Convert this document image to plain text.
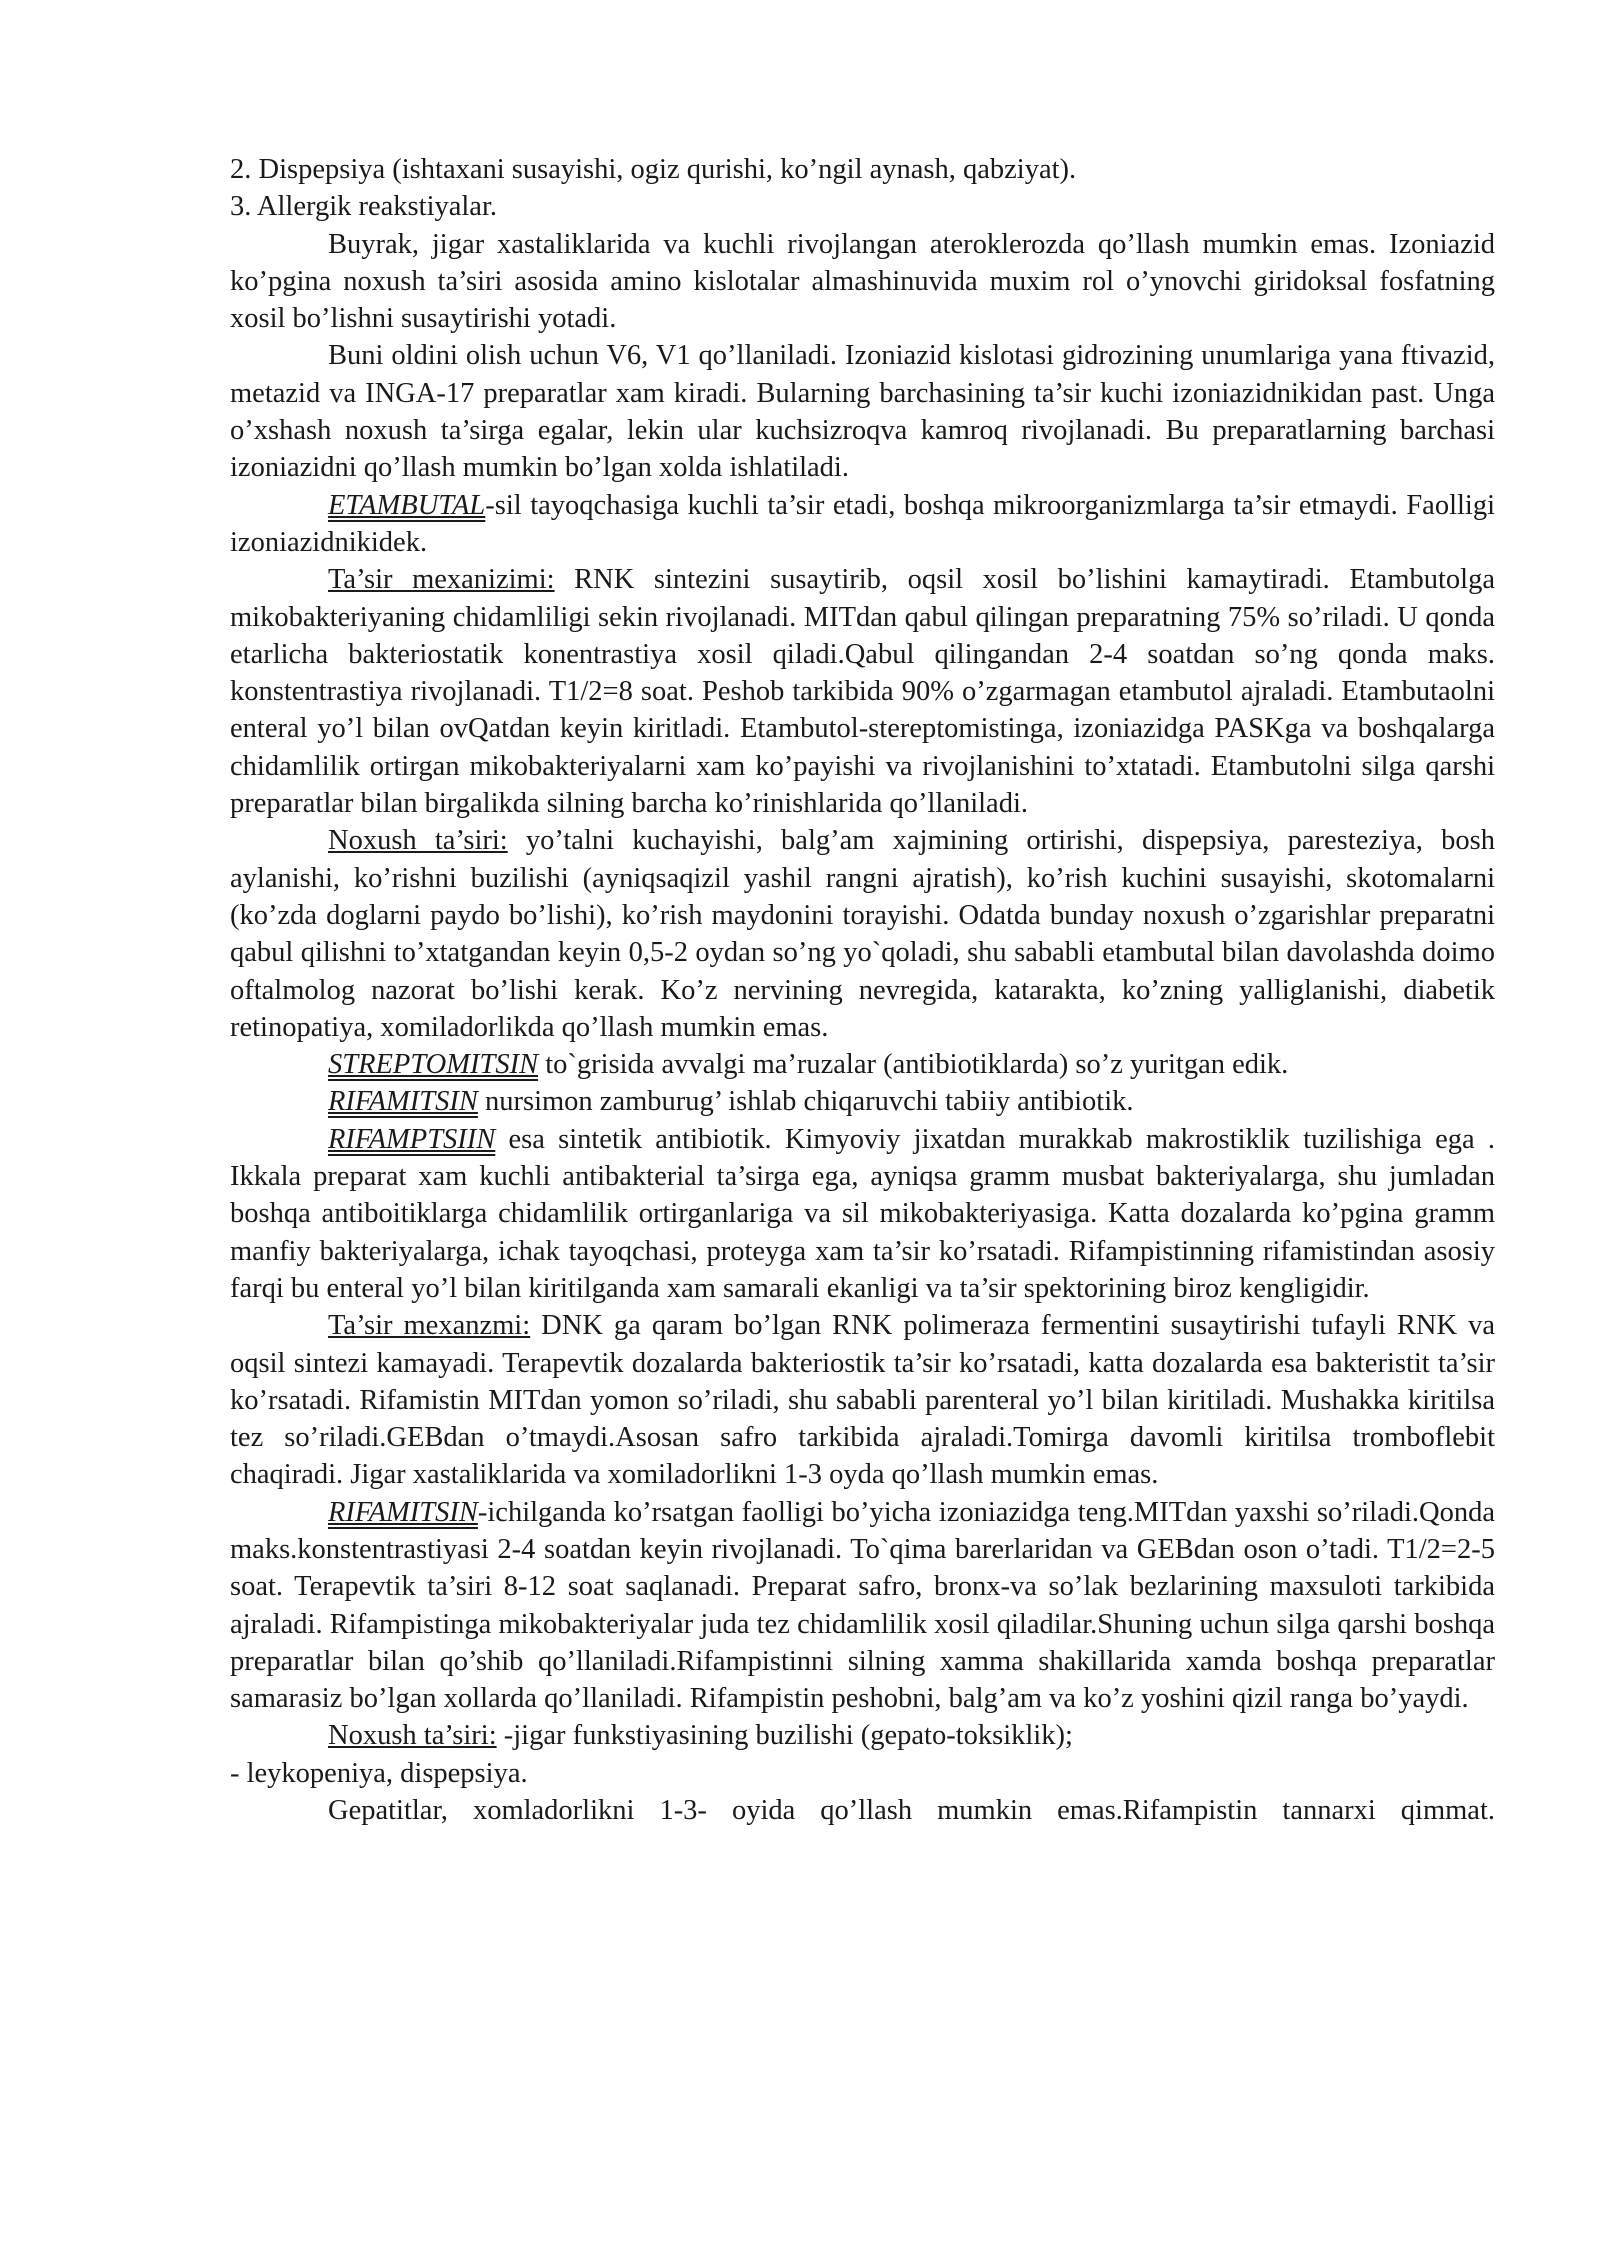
2. Dispepsiya (ishtaxani susayishi, ogiz qurishi, ko’ngil aynash, qabziyat).

3. Allergik reakstiyalar.

Buyrak, jigar xastaliklarida va kuchli rivojlangan ateroklerozda qo’llash mumkin emas. Izoniazid ko’pgina noxush ta’siri asosida amino kislotalar almashinuvida muxim rol o’ynovchi giridoksal fosfatning xosil bo’lishni susaytirishi yotadi.

Buni oldini olish uchun V6, V1 qo’llaniladi. Izoniazid kislotasi gidrozining unumlariga yana ftivazid, metazid va INGA-17 preparatlar xam kiradi. Bularning barchasining ta’sir kuchi izoniazidnikidan past. Unga o’xshash noxush ta’sirga egalar, lekin ular kuchsizroqva kamroq rivojlanadi. Bu preparatlarning barchasi izoniazidni qo’llash mumkin bo’lgan xolda ishlatiladi.

ETAMBUTAL-sil tayoqchasiga kuchli ta’sir etadi, boshqa mikroorganizmlarga ta’sir etmaydi. Faolligi izoniazidnikidek.

Ta’sir mexanizimi: RNK sintezini susaytirib, oqsil xosil bo’lishini kamaytiradi. Etambutolga mikobakteriyaning chidamliligi sekin rivojlanadi. MITdan qabul qilingan preparatning 75% so’riladi. U qonda etarlicha bakteriostatik konentrastiya xosil qiladi.Qabul qilingandan 2-4 soatdan so’ng qonda maks. konstentrastiya rivojlanadi. T1/2=8 soat. Peshob tarkibida 90% o’zgarmagan etambutol ajraladi. Etambutaolni enteral yo’l bilan ovQatdan keyin kiritladi. Etambutol-stereptomistinga, izoniazidga PASKga va boshqalarga chidamlilik ortirgan mikobakteriyalarni xam ko’payishi va rivojlanishini to’xtatadi. Etambutolni silga qarshi preparatlar bilan birgalikda silning barcha ko’rinishlarida qo’llaniladi.

Noxush ta’siri: yo’talni kuchayishi, balg’am xajmining ortirishi, dispepsiya, paresteziya, bosh aylanishi, ko’rishni buzilishi (ayniqsaqizil yashil rangni ajratish), ko’rish kuchini susayishi, skotomalarni (ko’zda doglarni paydo bo’lishi), ko’rish maydonini torayishi. Odatda bunday noxush o’zgarishlar preparatni qabul qilishni to’xtatgandan keyin 0,5-2 oydan so’ng yo`qoladi, shu sababli etambutal bilan davolashda doimo oftalmolog nazorat bo’lishi kerak. Ko’z nervining nevregida, katarakta, ko’zning yalliglanishi, diabetik retinopatiya, xomiladorlikda qo’llash mumkin emas.

STREPTOMITSIN to`grisida avvalgi ma’ruzalar (antibiotiklarda) so’z yuritgan edik.

RIFAMITSIN nursimon zamburug’ ishlab chiqaruvchi tabiiy antibiotik.

RIFAMPTSIIN esa sintetik antibiotik. Kimyoviy jixatdan murakkab makrostiklik tuzilishiga ega . Ikkala preparat xam kuchli antibakterial ta’sirga ega, ayniqsa gramm musbat bakteriyalarga, shu jumladan boshqa antiboitiklarga chidamlilik ortirganlariga va sil mikobakteriyasiga. Katta dozalarda ko’pgina gramm manfiy bakteriyalarga, ichak tayoqchasi, proteyga xam ta’sir ko’rsatadi. Rifampistinning rifamistindan asosiy farqi bu enteral yo’l bilan kiritilganda xam samarali ekanligi va ta’sir spektorining biroz kengligidir.

Ta’sir mexanzmi: DNK ga qaram bo’lgan RNK polimeraza fermentini susaytirishi tufayli RNK va oqsil sintezi kamayadi. Terapevtik dozalarda bakteriostik ta’sir ko’rsatadi, katta dozalarda esa bakteristit ta’sir ko’rsatadi. Rifamistin MITdan yomon so’riladi, shu sababli parenteral yo’l bilan kiritiladi. Mushakka kiritilsa tez so’riladi.GEBdan o’tmaydi.Asosan safro tarkibida ajraladi.Tomirga davomli kiritilsa tromboflebit chaqiradi. Jigar xastaliklarida va xomiladorlikni 1-3 oyda qo’llash mumkin emas.

RIFAMITSIN-ichilganda ko’rsatgan faolligi bo’yicha izoniazidga teng.MITdan yaxshi so’riladi.Qonda maks.konstentrastiyasi 2-4 soatdan keyin rivojlanadi. To`qima barerlaridan va GEBdan oson o’tadi. T1/2=2-5 soat. Terapevtik ta’siri 8-12 soat saqlanadi. Preparat safro, bronx-va so’lak bezlarining maxsuloti tarkibida ajraladi. Rifampistinga mikobakteriyalar juda tez chidamlilik xosil qiladilar.Shuning uchun silga qarshi boshqa preparatlar bilan qo’shib qo’llaniladi.Rifampistinni silning xamma shakillarida xamda boshqa preparatlar samarasiz bo’lgan xollarda qo’llaniladi. Rifampistin peshobni, balg’am va ko’z yoshini qizil ranga bo’yaydi.

Noxush ta’siri: -jigar funkstiyasining buzilishi (gepato-toksiklik);

- leykopeniya, dispepsiya.

Gepatitlar, xomladorlikni 1-3- oyida qo’llash mumkin emas.Rifampistin tannarxi qimmat.
